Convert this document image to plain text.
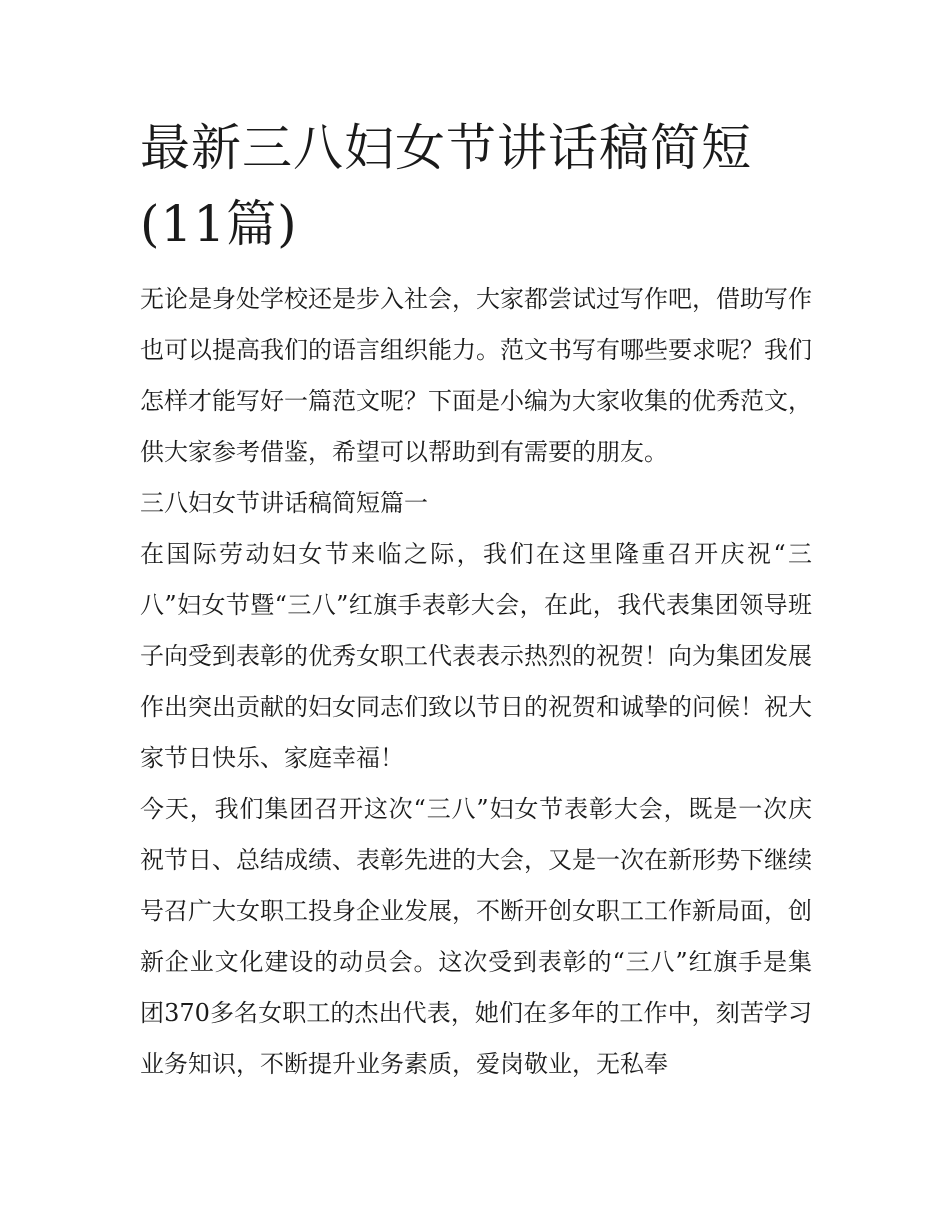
最新三八妇女节讲话稿简短(11篇)

无论是身处学校还是步入社会，大家都尝试过写作吧，借助写作也可以提高我们的语言组织能力。范文书写有哪些要求呢？我们怎样才能写好一篇范文呢？下面是小编为大家收集的优秀范文，供大家参考借鉴，希望可以帮助到有需要的朋友。

三八妇女节讲话稿简短篇一

在国际劳动妇女节来临之际，我们在这里隆重召开庆祝“三八”妇女节暨“三八”红旗手表彰大会，在此，我代表集团领导班子向受到表彰的优秀女职工代表表示热烈的祝贺！向为集团发展作出突出贡献的妇女同志们致以节日的祝贺和诚挚的问候！祝大家节日快乐、家庭幸福！

今天，我们集团召开这次“三八”妇女节表彰大会，既是一次庆祝节日、总结成绩、表彰先进的大会，又是一次在新形势下继续号召广大女职工投身企业发展，不断开创女职工工作新局面，创新企业文化建设的动员会。这次受到表彰的“三八”红旗手是集团370多名女职工的杰出代表，她们在多年的工作中，刻苦学习业务知识，不断提升业务素质，爱岗敬业，无私奉
